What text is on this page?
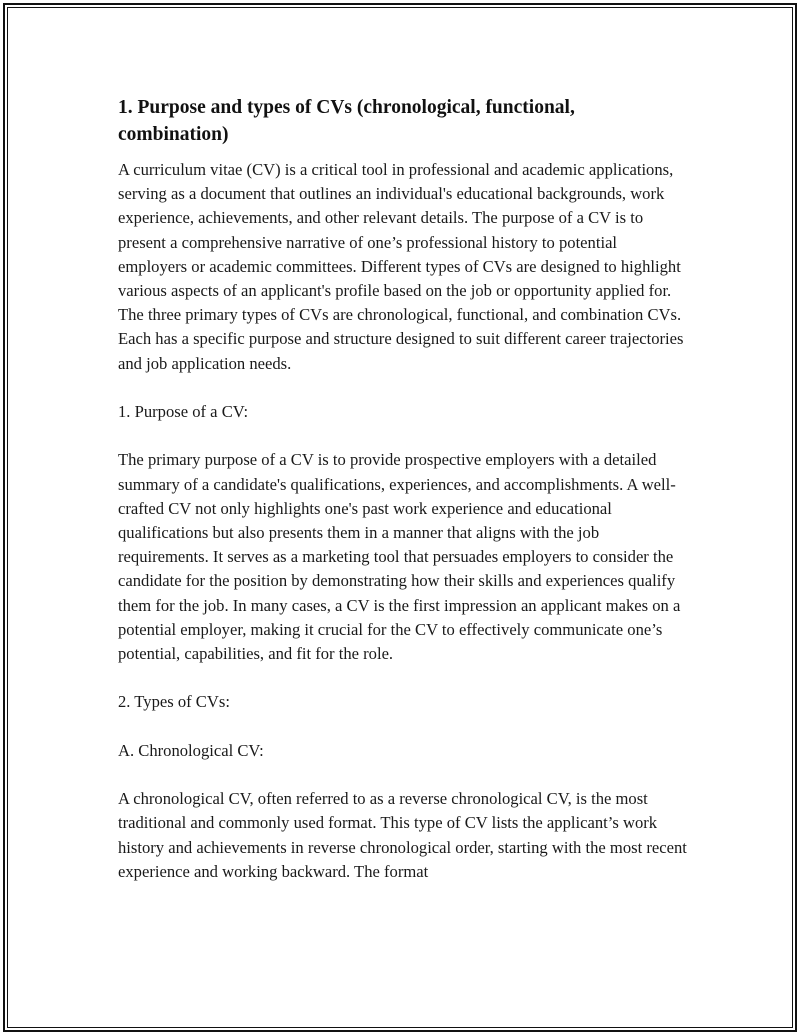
1. Purpose and types of CVs (chronological, functional, combination)

A curriculum vitae (CV) is a critical tool in professional and academic applications, serving as a document that outlines an individual's educational backgrounds, work experience, achievements, and other relevant details. The purpose of a CV is to present a comprehensive narrative of one’s professional history to potential employers or academic committees. Different types of CVs are designed to highlight various aspects of an applicant's profile based on the job or opportunity applied for. The three primary types of CVs are chronological, functional, and combination CVs. Each has a specific purpose and structure designed to suit different career trajectories and job application needs.

1. Purpose of a CV:

The primary purpose of a CV is to provide prospective employers with a detailed summary of a candidate's qualifications, experiences, and accomplishments. A well-crafted CV not only highlights one's past work experience and educational qualifications but also presents them in a manner that aligns with the job requirements. It serves as a marketing tool that persuades employers to consider the candidate for the position by demonstrating how their skills and experiences qualify them for the job. In many cases, a CV is the first impression an applicant makes on a potential employer, making it crucial for the CV to effectively communicate one’s potential, capabilities, and fit for the role.

2. Types of CVs:

A. Chronological CV:

A chronological CV, often referred to as a reverse chronological CV, is the most traditional and commonly used format. This type of CV lists the applicant’s work history and achievements in reverse chronological order, starting with the most recent experience and working backward. The format
